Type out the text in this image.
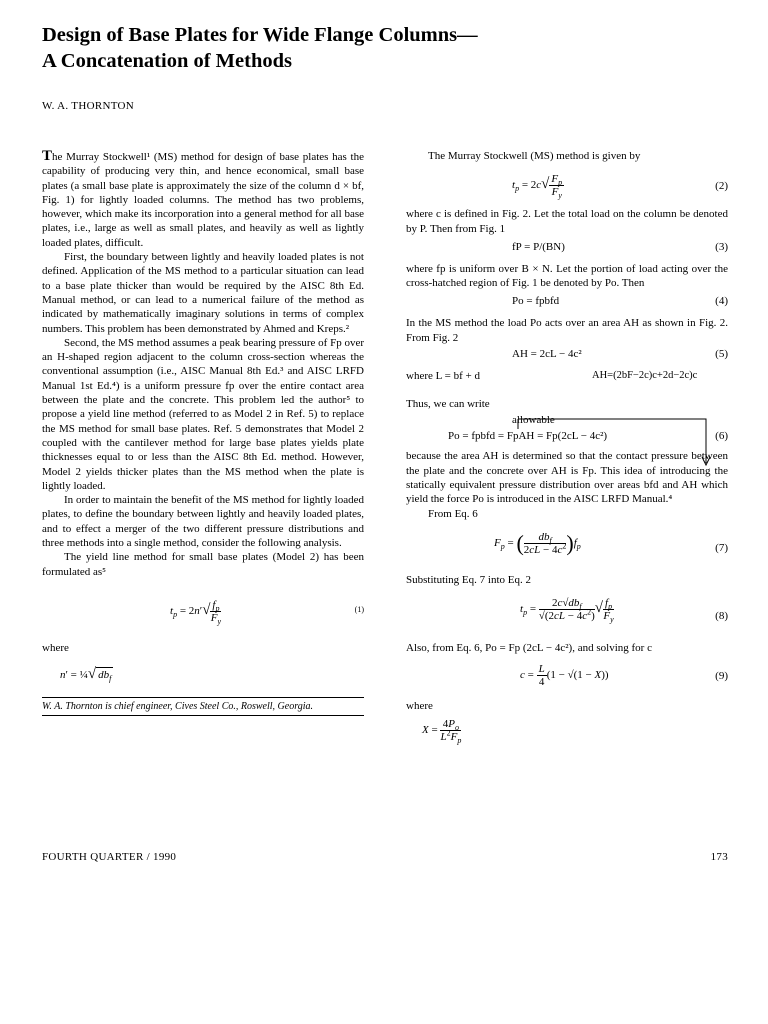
Design of Base Plates for Wide Flange Columns—
A Concatenation of Methods
W. A. THORNTON

The Murray Stockwell¹ (MS) method for design of base plates has the capability of producing very thin, and hence economical, small base plates (a small base plate is approximately the size of the column d × bf, Fig. 1) for lightly loaded columns. The method has two problems, however, which make its incorporation into a general method for all base plates, i.e., large as well as small plates, and heavily as well as lightly loaded plates, difficult.

First, the boundary between lightly and heavily loaded plates is not defined. Application of the MS method to a particular situation can lead to a base plate thicker than would be required by the AISC 8th Ed. Manual method, or can lead to a numerical failure of the method as indicated by mathematically imaginary solutions in terms of complex numbers. This problem has been demonstrated by Ahmed and Kreps.²

Second, the MS method assumes a peak bearing pressure of Fp over an H-shaped region adjacent to the column cross-section whereas the conventional assumption (i.e., AISC Manual 8th Ed.³ and AISC LRFD Manual 1st Ed.⁴) is a uniform pressure fp over the entire contact area between the plate and the concrete. This problem led the author⁵ to propose a yield line method (referred to as Model 2 in Ref. 5) to replace the MS method for small base plates. Ref. 5 demonstrates that Model 2 coupled with the cantilever method for large base plates yields plate thicknesses equal to or less than the AISC 8th Ed. method. However, Model 2 yields thicker plates than the MS method when the plate is lightly loaded.

In order to maintain the benefit of the MS method for lightly loaded plates, to define the boundary between lightly and heavily loaded plates, and to effect a merger of the two different pressure distributions and three methods into a single method, consider the following analysis.

The yield line method for small base plates (Model 2) has been formulated as⁵

$t_p = 2n'√ \frac{f_p}{F_y}$	(1)

where

n′ = ¼√ $db_f$
W. A. Thornton is chief engineer, Cives Steel Co., Roswell, Georgia.

The Murray Stockwell (MS) method is given by

$t_p = 2c√ \frac{F_p}{F_y}$	(2)

where c is defined in Fig. 2. Let the total load on the column be denoted by P. Then from Fig. 1

fP = P/(BN)	(3)

where fp is uniform over B × N. Let the portion of load acting over the cross-hatched region of Fig. 1 be denoted by Po. Then

Po = fpbfd	(4)

In the MS method the load Po acts over an area AH as shown in Fig. 2. From Fig. 2

AH = 2cL − 4c²	(5)
where L = bf + d	AH=(2bF−2c)c+2d−2c)c

Thus, we can write

allowable
Po = fpbfd = FpAH = Fp(2cL − 4c²)	(6)

because the area AH is determined so that the contact pressure between the plate and the concrete over AH is Fp. This idea of introducing the statically equivalent pressure distribution over areas bfd and AH which yield the force Po is introduced in the AISC LRFD Manual.⁴

From Eq. 6

$F_p$ = ( $\frac{db_f}{2cL - 4c^2} )f_p$	(7)

Substituting Eq. 7 into Eq. 2

$t_p = \frac{2c√db_f}{√(2cL - 4c^2)}$ √ $\frac{f_p}{F_y}$	(8)

Also, from Eq. 6, Po = Fp (2cL − 4c²), and solving for c

$c = \frac{L}{4} (1 - √(1 - X))$	(9)

where

$X = \frac{4P_o}{L^2F_p}$
FOURTH QUARTER / 1990	173
